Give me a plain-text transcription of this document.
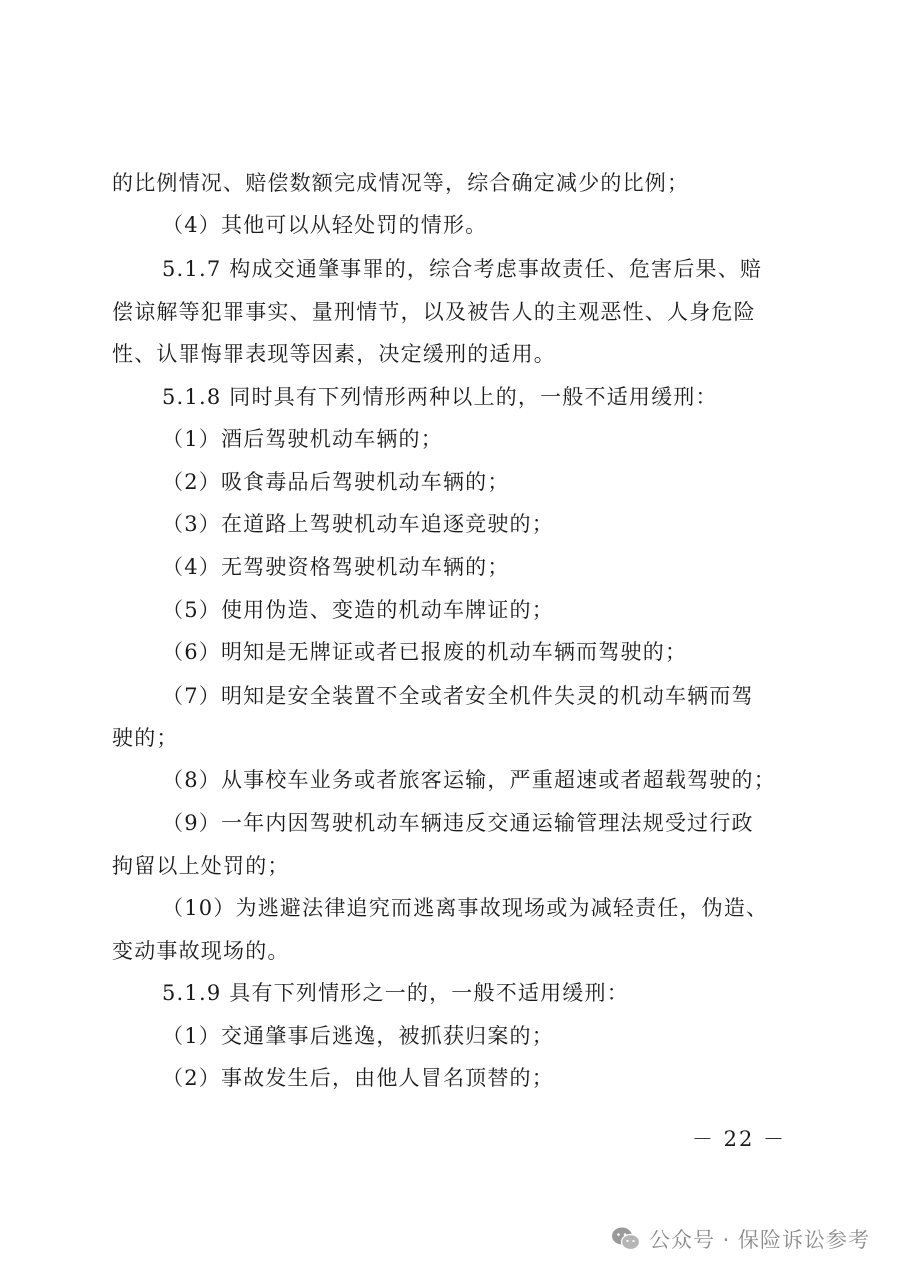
的比例情况、赔偿数额完成情况等，综合确定减少的比例；
（4）其他可以从轻处罚的情形。
5.1.7 构成交通肇事罪的，综合考虑事故责任、危害后果、赔
偿谅解等犯罪事实、量刑情节，以及被告人的主观恶性、人身危险
性、认罪悔罪表现等因素，决定缓刑的适用。
5.1.8 同时具有下列情形两种以上的，一般不适用缓刑：
（1）酒后驾驶机动车辆的；
（2）吸食毒品后驾驶机动车辆的；
（3）在道路上驾驶机动车追逐竞驶的；
（4）无驾驶资格驾驶机动车辆的；
（5）使用伪造、变造的机动车牌证的；
（6）明知是无牌证或者已报废的机动车辆而驾驶的；
（7）明知是安全装置不全或者安全机件失灵的机动车辆而驾
驶的；
（8）从事校车业务或者旅客运输，严重超速或者超载驾驶的；
（9）一年内因驾驶机动车辆违反交通运输管理法规受过行政
拘留以上处罚的；
（10）为逃避法律追究而逃离事故现场或为减轻责任，伪造、
变动事故现场的。
5.1.9 具有下列情形之一的，一般不适用缓刑：
（1）交通肇事后逃逸，被抓获归案的；
（2）事故发生后，由他人冒名顶替的；
－ 22 －
公众号 · 保险诉讼参考
